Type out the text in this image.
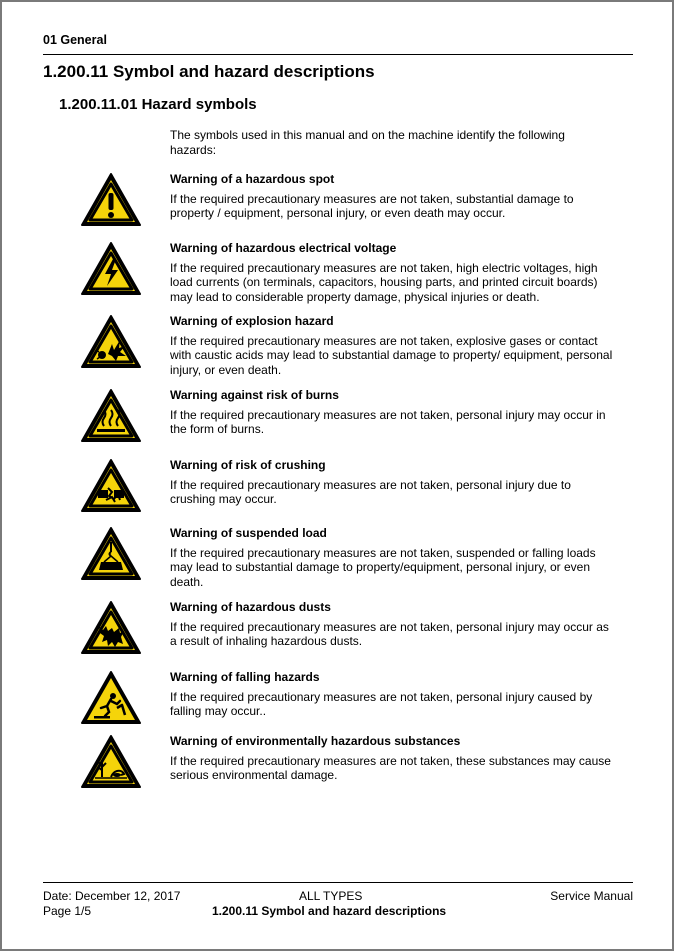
01 General
1.200.11 Symbol and hazard descriptions
1.200.11.01 Hazard symbols
The symbols used in this manual and on the machine identify the following hazards:
Warning of a hazardous spot
If the required precautionary measures are not taken, substantial damage to property / equipment, personal injury, or even death may occur.
Warning of hazardous electrical voltage
If the required precautionary measures are not taken, high electric voltages, high load currents (on terminals, capacitors, housing parts, and printed circuit boards) may lead to considerable property damage, physical injuries or death.
Warning of explosion hazard
If the required precautionary measures are not taken, explosive gases or contact with caustic acids may lead to substantial damage to property/ equipment, personal injury, or even death.
Warning against risk of burns
If the required precautionary measures are not taken, personal injury may occur in the form of burns.
Warning of risk of crushing
If the required precautionary measures are not taken, personal injury due to crushing may occur.
Warning of suspended load
If the required precautionary measures are not taken, suspended or falling loads may lead to substantial damage to property/equipment, personal injury, or even death.
Warning of hazardous dusts
If the required precautionary measures are not taken, personal injury may occur as a result of inhaling hazardous dusts.
Warning of falling hazards
If the required precautionary measures are not taken, personal injury caused by falling may occur..
Warning of environmentally hazardous substances
If the required precautionary measures are not taken, these substances may cause serious environmental damage.
Date: December 12, 2017
Page 1/5
ALL TYPES
1.200.11 Symbol and hazard descriptions
Service Manual
